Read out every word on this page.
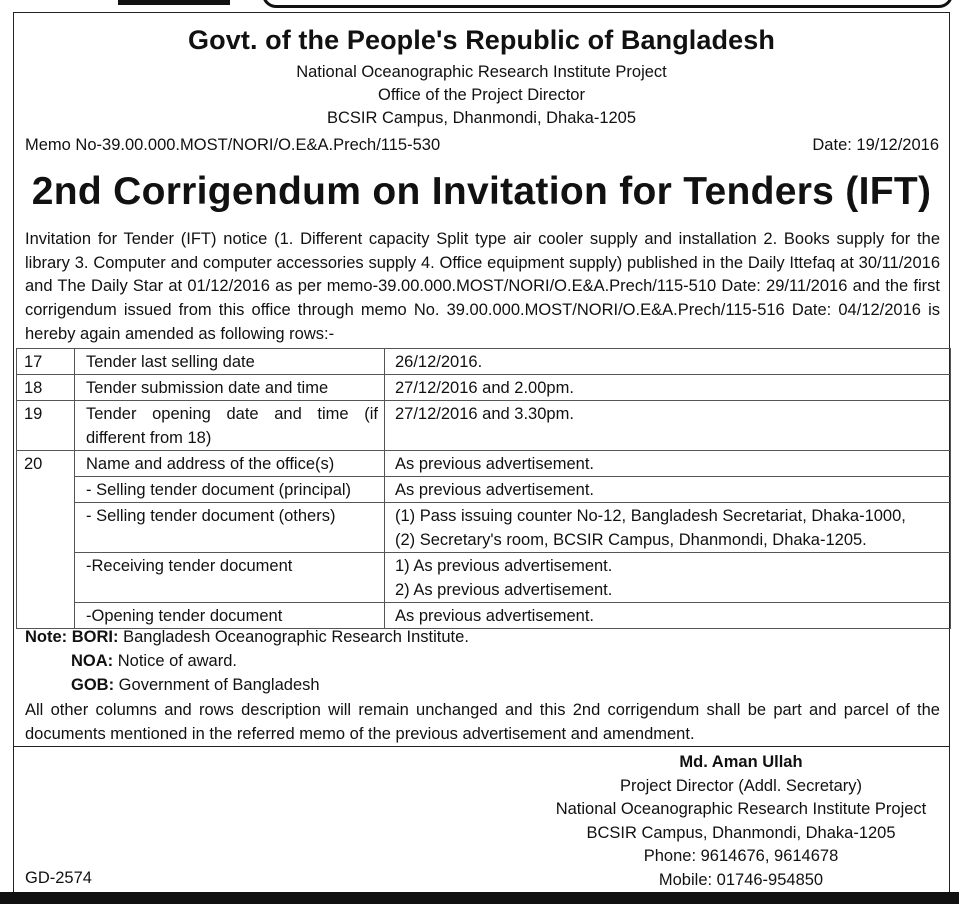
Govt. of the People's Republic of Bangladesh
National Oceanographic Research Institute Project
Office of the Project Director
BCSIR Campus, Dhanmondi, Dhaka-1205
Memo No-39.00.000.MOST/NORI/O.E&A.Prech/115-530	Date: 19/12/2016
2nd Corrigendum on Invitation for Tenders (IFT)
Invitation for Tender (IFT) notice (1. Different capacity Split type air cooler supply and installation 2. Books supply for the library 3. Computer and computer accessories supply 4. Office equipment supply) published in the Daily Ittefaq at 30/11/2016 and The Daily Star at 01/12/2016 as per memo-39.00.000.MOST/NORI/O.E&A.Prech/115-510 Date: 29/11/2016 and the first corrigendum issued from this office through memo No. 39.00.000.MOST/NORI/O.E&A.Prech/115-516 Date: 04/12/2016 is hereby again amended as following rows:-
17	Tender last selling date	26/12/2016.
18	Tender submission date and time	27/12/2016 and 2.00pm.
19	Tender opening date and time (if different from 18)	27/12/2016 and 3.30pm.
20	Name and address of the office(s)	As previous advertisement.
	- Selling tender document (principal)	As previous advertisement.
	- Selling tender document (others)	(1) Pass issuing counter No-12, Bangladesh Secretariat, Dhaka-1000,
(2) Secretary's room, BCSIR Campus, Dhanmondi, Dhaka-1205.

	-Receiving tender document	1) As previous advertisement.
2) As previous advertisement.

	-Opening tender document	As previous advertisement.
Note: BORI: Bangladesh Oceanographic Research Institute.
NOA: Notice of award.
GOB: Government of Bangladesh
All other columns and rows description will remain unchanged and this 2nd corrigendum shall be part and parcel of the documents mentioned in the referred memo of the previous advertisement and amendment.
Md. Aman Ullah
Project Director (Addl. Secretary)
National Oceanographic Research Institute Project
BCSIR Campus, Dhanmondi, Dhaka-1205
Phone: 9614676, 9614678
Mobile: 01746-954850
GD-2574
